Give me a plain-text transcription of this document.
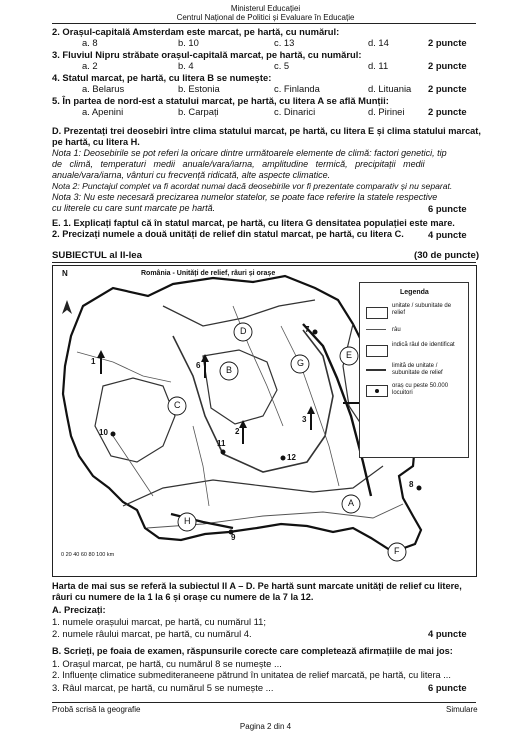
Ministerul Educației
Centrul Național de Politici și Evaluare în Educație
2. Orașul-capitală Amsterdam este marcat, pe hartă, cu numărul:
a. 8	b. 10	c. 13	d. 14	2 puncte
3. Fluviul Nipru străbate orașul-capitală marcat, pe hartă, cu numărul:
a. 2	b. 4	c. 5	d. 11	2 puncte
4. Statul marcat, pe hartă, cu litera B se numește:
a. Belarus	b. Estonia	c. Finlanda	d. Lituania 2 puncte
5. În partea de nord-est a statului marcat, pe hartă, cu litera A se află Munții:
a. Apenini	b. Carpați	c. Dinarici	d. Pirinei	2 puncte
D. Prezentați trei deosebiri între clima statului marcat, pe hartă, cu litera E și clima statului marcat,
pe hartă, cu litera H.
Nota 1: Deosebirile se pot referi la oricare dintre următoarele elemente de climă: factori genetici, tip
de climă, temperaturi medii anuale/vara/iarna, amplitudine termică, precipitații medii
anuale/vara/iarna, vânturi cu frecvență ridicată, alte aspecte climatice.
Nota 2: Punctajul complet va fi acordat numai dacă deosebirile vor fi prezentate comparativ și nu separat.
Nota 3: Nu este necesară precizarea numelor statelor, se poate face referire la statele respective
cu literele cu care sunt marcate pe hartă.	6 puncte
E. 1. Explicați faptul că în statul marcat, pe hartă, cu litera G densitatea populației este mare.
2. Precizați numele a două unități de relief din statul marcat, pe hartă, cu litera C.	4 puncte
SUBIECTUL al II-lea	(30 de puncte)
N	România - Unități de relief, râuri și orașe
0 20 40 60 80 100 km
A
B
C
D
E
F
G
H
1
2
3
6
7
8
9
10
11
12
Legenda
unitate / subunitate de relief
râu
indică râul de identificat
limită de unitate / subunitate de relief
oraș cu peste 50.000 locuitori
Harta de mai sus se referă la subiectul II A – D. Pe hartă sunt marcate unități de relief cu litere,
râuri cu numere de la 1 la 6 și orașe cu numere de la 7 la 12.
A. Precizați:
1. numele orașului marcat, pe hartă, cu numărul 11;
2. numele râului marcat, pe hartă, cu numărul 4.	4 puncte
B. Scrieți, pe foaia de examen, răspunsurile corecte care completează afirmațiile de mai jos:
1. Orașul marcat, pe hartă, cu numărul 8 se numește ...
2. Influențe climatice submediteraneene pătrund în unitatea de relief marcată, pe hartă, cu litera ...
3. Râul marcat, pe hartă, cu numărul 5 se numește ...	6 puncte
Probă scrisă la geografie	Simulare
Pagina 2 din 4
